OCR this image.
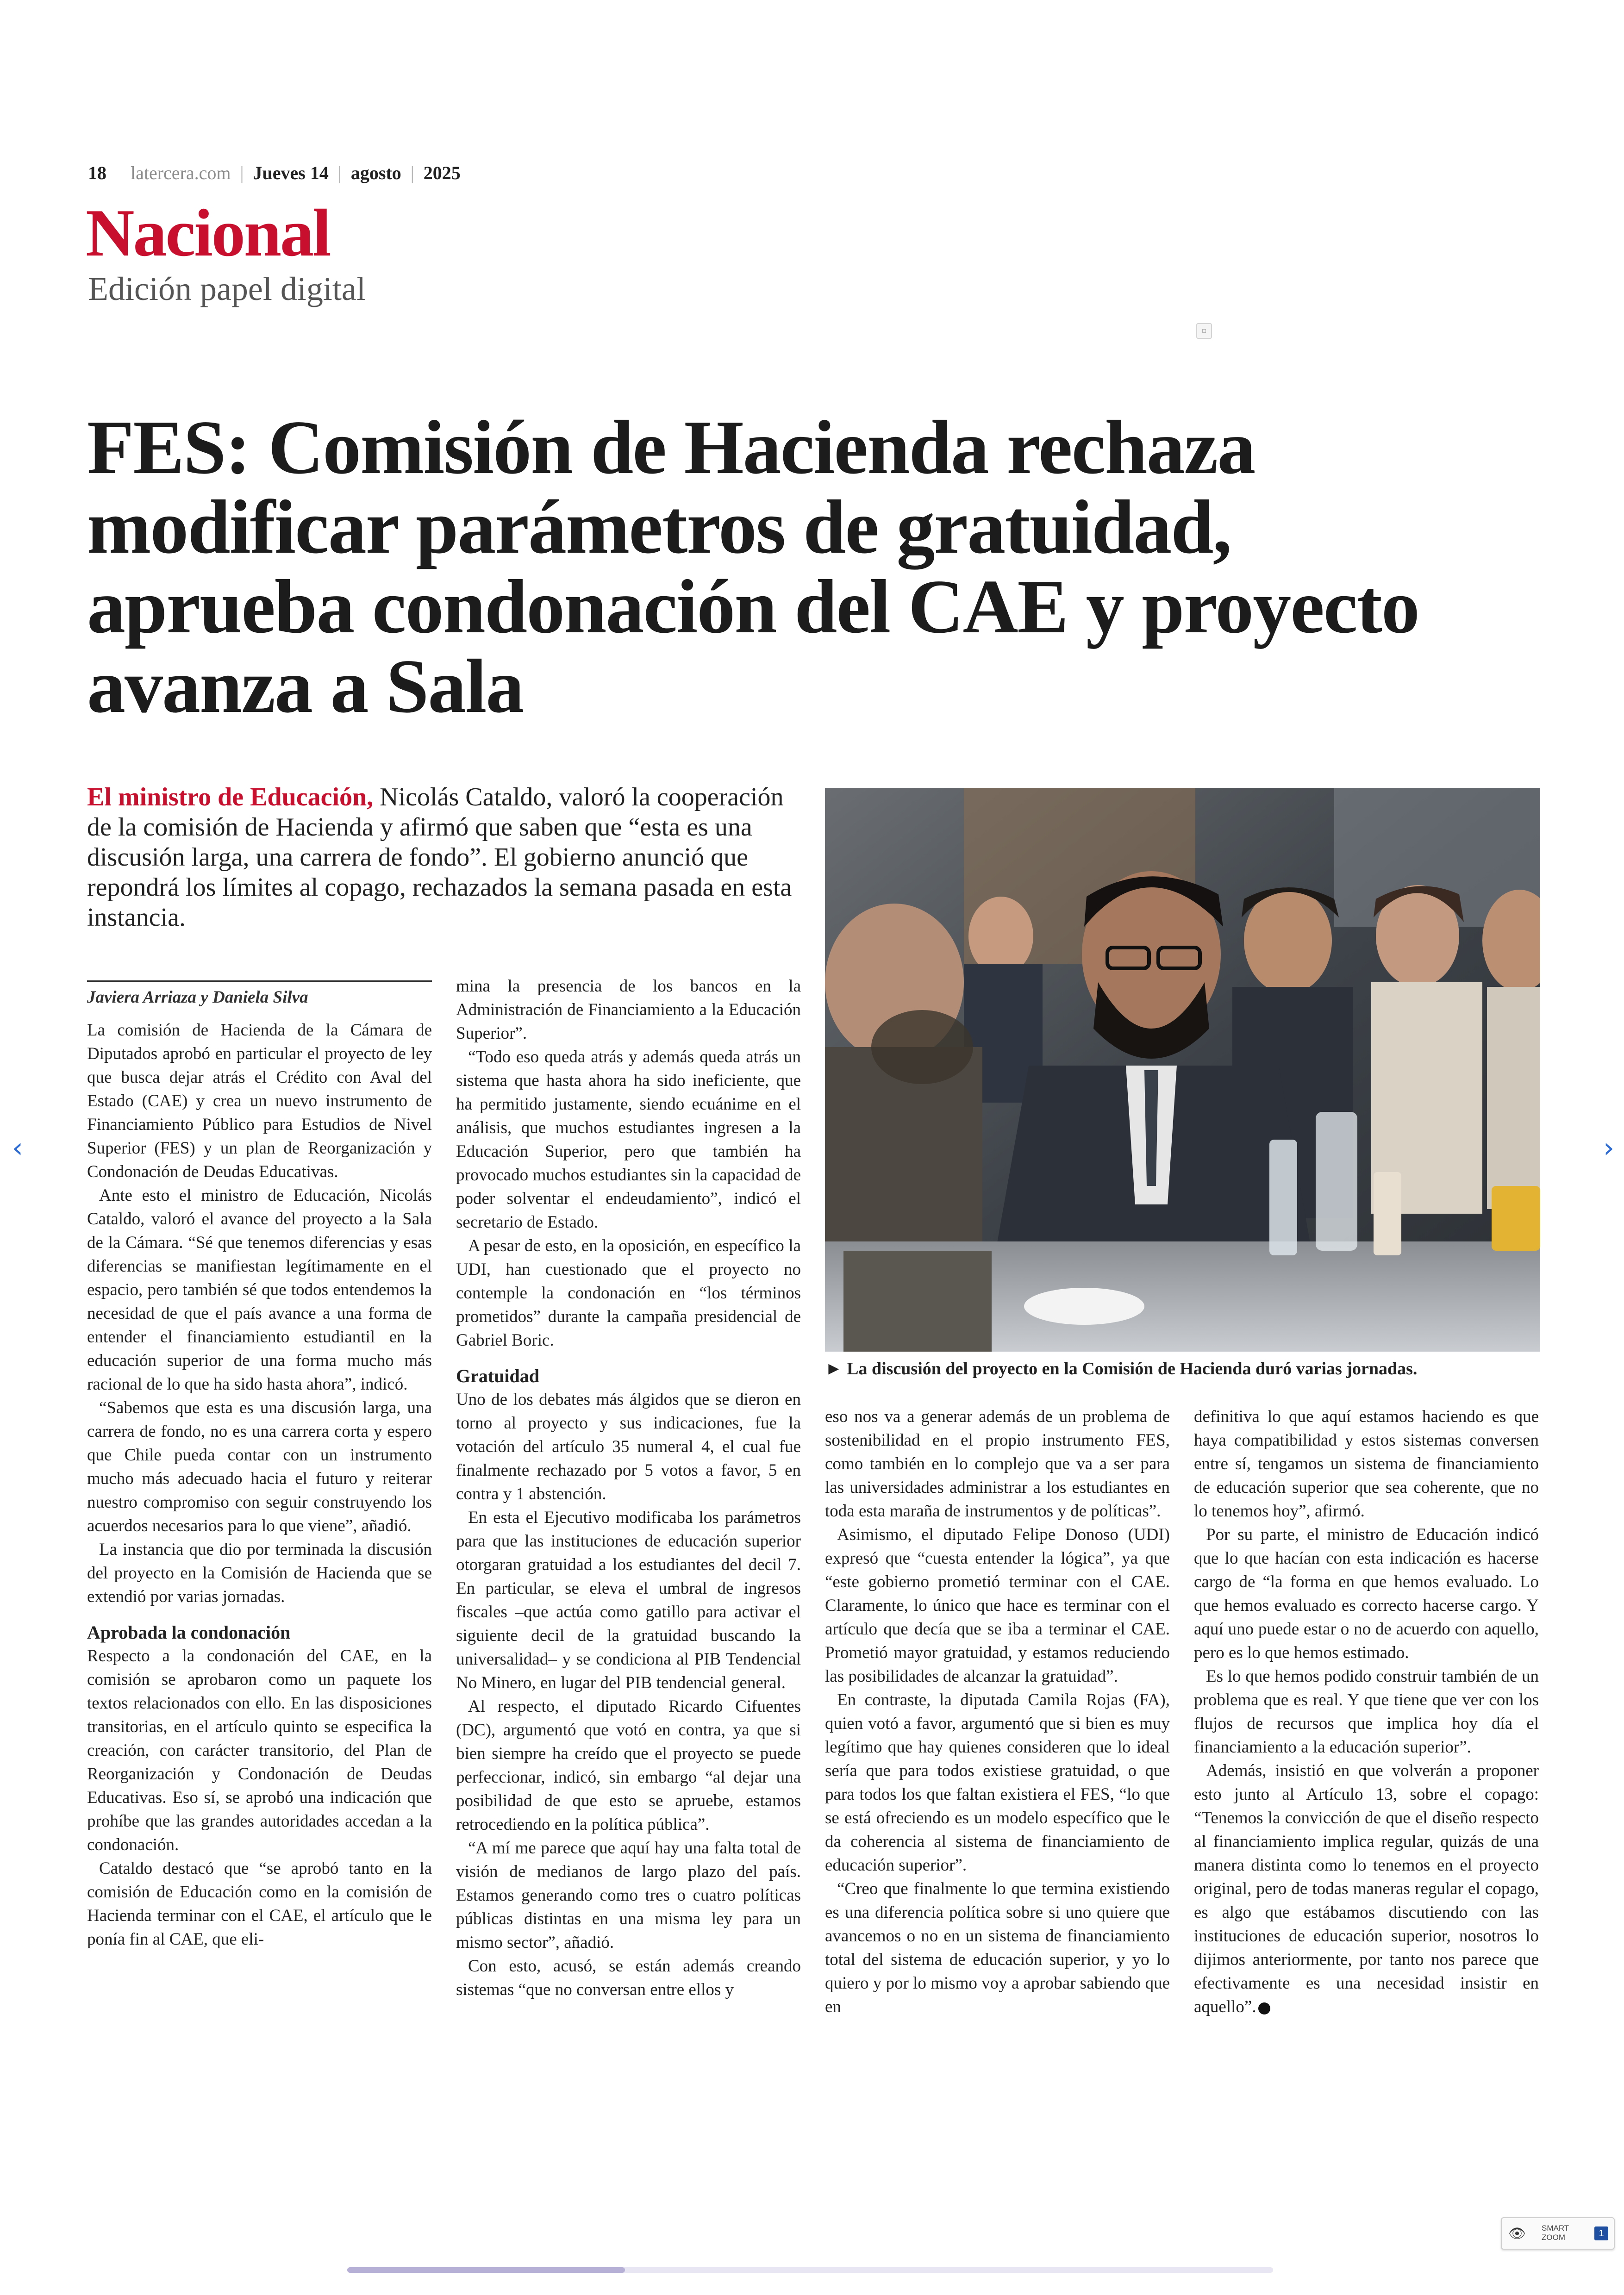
18 latercera.com | Jueves 14 | agosto | 2025
Nacional
Edición papel digital
▫
FES: Comisión de Hacienda rechaza modificar parámetros de gratuidad, aprueba condonación del CAE y proyecto avanza a Sala

El ministro de Educación, Nicolás Cataldo, valoró la cooperación de la comisión de Hacienda y afirmó que saben que “esta es una discusión larga, una carrera de fondo”. El gobierno anunció que repondrá los límites al copago, rechazados la semana pasada en esta instancia.

► La discusión del proyecto en la Comisión de Hacienda duró varias jornadas.
Javiera Arriaza y Daniela Silva

La comisión de Hacienda de la Cámara de Diputados aprobó en particular el proyecto de ley que busca dejar atrás el Crédito con Aval del Estado (CAE) y crea un nuevo instrumento de Financiamiento Público para Estudios de Nivel Superior (FES) y un plan de Reorganización y Condonación de Deudas Educativas.

Ante esto el ministro de Educación, Nicolás Cataldo, valoró el avance del proyecto a la Sala de la Cámara. “Sé que tenemos diferencias y esas diferencias se manifiestan legítimamente en el espacio, pero también sé que todos entendemos la necesidad de que el país avance a una forma de entender el financiamiento estudiantil en la educación superior de una forma mucho más racional de lo que ha sido hasta ahora”, indicó.

“Sabemos que esta es una discusión larga, una carrera de fondo, no es una carrera corta y espero que Chile pueda contar con un instrumento mucho más adecuado hacia el futuro y reiterar nuestro compromiso con seguir construyendo los acuerdos necesarios para lo que viene”, añadió.

La instancia que dio por terminada la discusión del proyecto en la Comisión de Hacienda que se extendió por varias jornadas.

Aprobada la condonación

Respecto a la condonación del CAE, en la comisión se aprobaron como un paquete los textos relacionados con ello. En las disposiciones transitorias, en el artículo quinto se especifica la creación, con carácter transitorio, del Plan de Reorganización y Condonación de Deudas Educativas. Eso sí, se aprobó una indicación que prohíbe que las grandes autoridades accedan a la condonación.

Cataldo destacó que “se aprobó tanto en la comisión de Educación como en la comisión de Hacienda terminar con el CAE, el artículo que le ponía fin al CAE, que eli-

mina la presencia de los bancos en la Administración de Financiamiento a la Educación Superior”.

“Todo eso queda atrás y además queda atrás un sistema que hasta ahora ha sido ineficiente, que ha permitido justamente, siendo ecuánime en el análisis, que muchos estudiantes ingresen a la Educación Superior, pero que también ha provocado muchos estudiantes sin la capacidad de poder solventar el endeudamiento”, indicó el secretario de Estado.

A pesar de esto, en la oposición, en específico la UDI, han cuestionado que el proyecto no contemple la condonación en “los términos prometidos” durante la campaña presidencial de Gabriel Boric.

Gratuidad

Uno de los debates más álgidos que se dieron en torno al proyecto y sus indicaciones, fue la votación del artículo 35 numeral 4, el cual fue finalmente rechazado por 5 votos a favor, 5 en contra y 1 abstención.

En esta el Ejecutivo modificaba los parámetros para que las instituciones de educación superior otorgaran gratuidad a los estudiantes del decil 7. En particular, se eleva el umbral de ingresos fiscales –que actúa como gatillo para activar el siguiente decil de la gratuidad buscando la universalidad– y se condiciona al PIB Tendencial No Minero, en lugar del PIB tendencial general.

Al respecto, el diputado Ricardo Cifuentes (DC), argumentó que votó en contra, ya que si bien siempre ha creído que el proyecto se puede perfeccionar, indicó, sin embargo “al dejar una posibilidad de que esto se apruebe, estamos retrocediendo en la política pública”.

“A mí me parece que aquí hay una falta total de visión de medianos de largo plazo del país. Estamos generando como tres o cuatro políticas públicas distintas en una misma ley para un mismo sector”, añadió.

Con esto, acusó, se están además creando sistemas “que no conversan entre ellos y

eso nos va a generar además de un problema de sostenibilidad en el propio instrumento FES, como también en lo complejo que va a ser para las universidades administrar a los estudiantes en toda esta maraña de instrumentos y de políticas”.

Asimismo, el diputado Felipe Donoso (UDI) expresó que “cuesta entender la lógica”, ya que “este gobierno prometió terminar con el CAE. Claramente, lo único que hace es terminar con el artículo que decía que se iba a terminar el CAE. Prometió mayor gratuidad, y estamos reduciendo las posibilidades de alcanzar la gratuidad”.

En contraste, la diputada Camila Rojas (FA), quien votó a favor, argumentó que si bien es muy legítimo que hay quienes consideren que lo ideal sería que para todos existiese gratuidad, o que para todos los que faltan existiera el FES, “lo que se está ofreciendo es un modelo específico que le da coherencia al sistema de financiamiento de educación superior”.

“Creo que finalmente lo que termina existiendo es una diferencia política sobre si uno quiere que avancemos o no en un sistema de financiamiento total del sistema de educación superior, y yo lo quiero y por lo mismo voy a aprobar sabiendo que en

definitiva lo que aquí estamos haciendo es que haya compatibilidad y estos sistemas conversen entre sí, tengamos un sistema de financiamiento de educación superior que sea coherente, que no lo tenemos hoy”, afirmó.

Por su parte, el ministro de Educación indicó que lo que hacían con esta indicación es hacerse cargo de “la forma en que hemos evaluado. Lo que hemos evaluado es correcto hacerse cargo. Y aquí uno puede estar o no de acuerdo con aquello, pero es lo que hemos estimado.

Es lo que hemos podido construir también de un problema que es real. Y que tiene que ver con los flujos de recursos que implica hoy día el financiamiento a la educación superior”.

Además, insistió en que volverán a proponer esto junto al Artículo 13, sobre el copago: “Tenemos la convicción de que el diseño respecto al financiamiento implica regular, quizás de una manera distinta como lo tenemos en el proyecto original, pero de todas maneras regular el copago, es algo que estábamos discutiendo con las instituciones de educación superior, nosotros lo dijimos anteriormente, por tanto nos parece que efectivamente es una necesidad insistir en aquello”.

‹	›
👁 SMART
ZOOM	1
